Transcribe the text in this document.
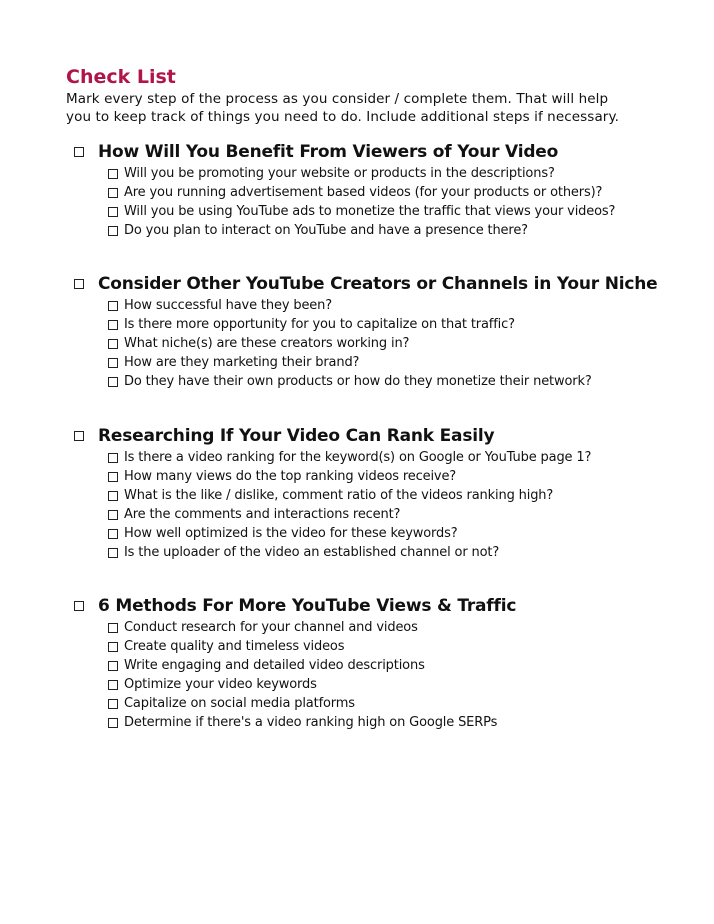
Check List

Mark every step of the process as you consider / complete them. That will help
you to keep track of things you need to do. Include additional steps if necessary.

How Will You Benefit From Viewers of Your Video
Will you be promoting your website or products in the descriptions?
Are you running advertisement based videos (for your products or others)?
Will you be using YouTube ads to monetize the traffic that views your videos?
Do you plan to interact on YouTube and have a presence there?
Consider Other YouTube Creators or Channels in Your Niche
How successful have they been?
Is there more opportunity for you to capitalize on that traffic?
What niche(s) are these creators working in?
How are they marketing their brand?
Do they have their own products or how do they monetize their network?
Researching If Your Video Can Rank Easily
Is there a video ranking for the keyword(s) on Google or YouTube page 1?
How many views do the top ranking videos receive?
What is the like / dislike, comment ratio of the videos ranking high?
Are the comments and interactions recent?
How well optimized is the video for these keywords?
Is the uploader of the video an established channel or not?
6 Methods For More YouTube Views & Traffic
Conduct research for your channel and videos
Create quality and timeless videos
Write engaging and detailed video descriptions
Optimize your video keywords
Capitalize on social media platforms
Determine if there's a video ranking high on Google SERPs
